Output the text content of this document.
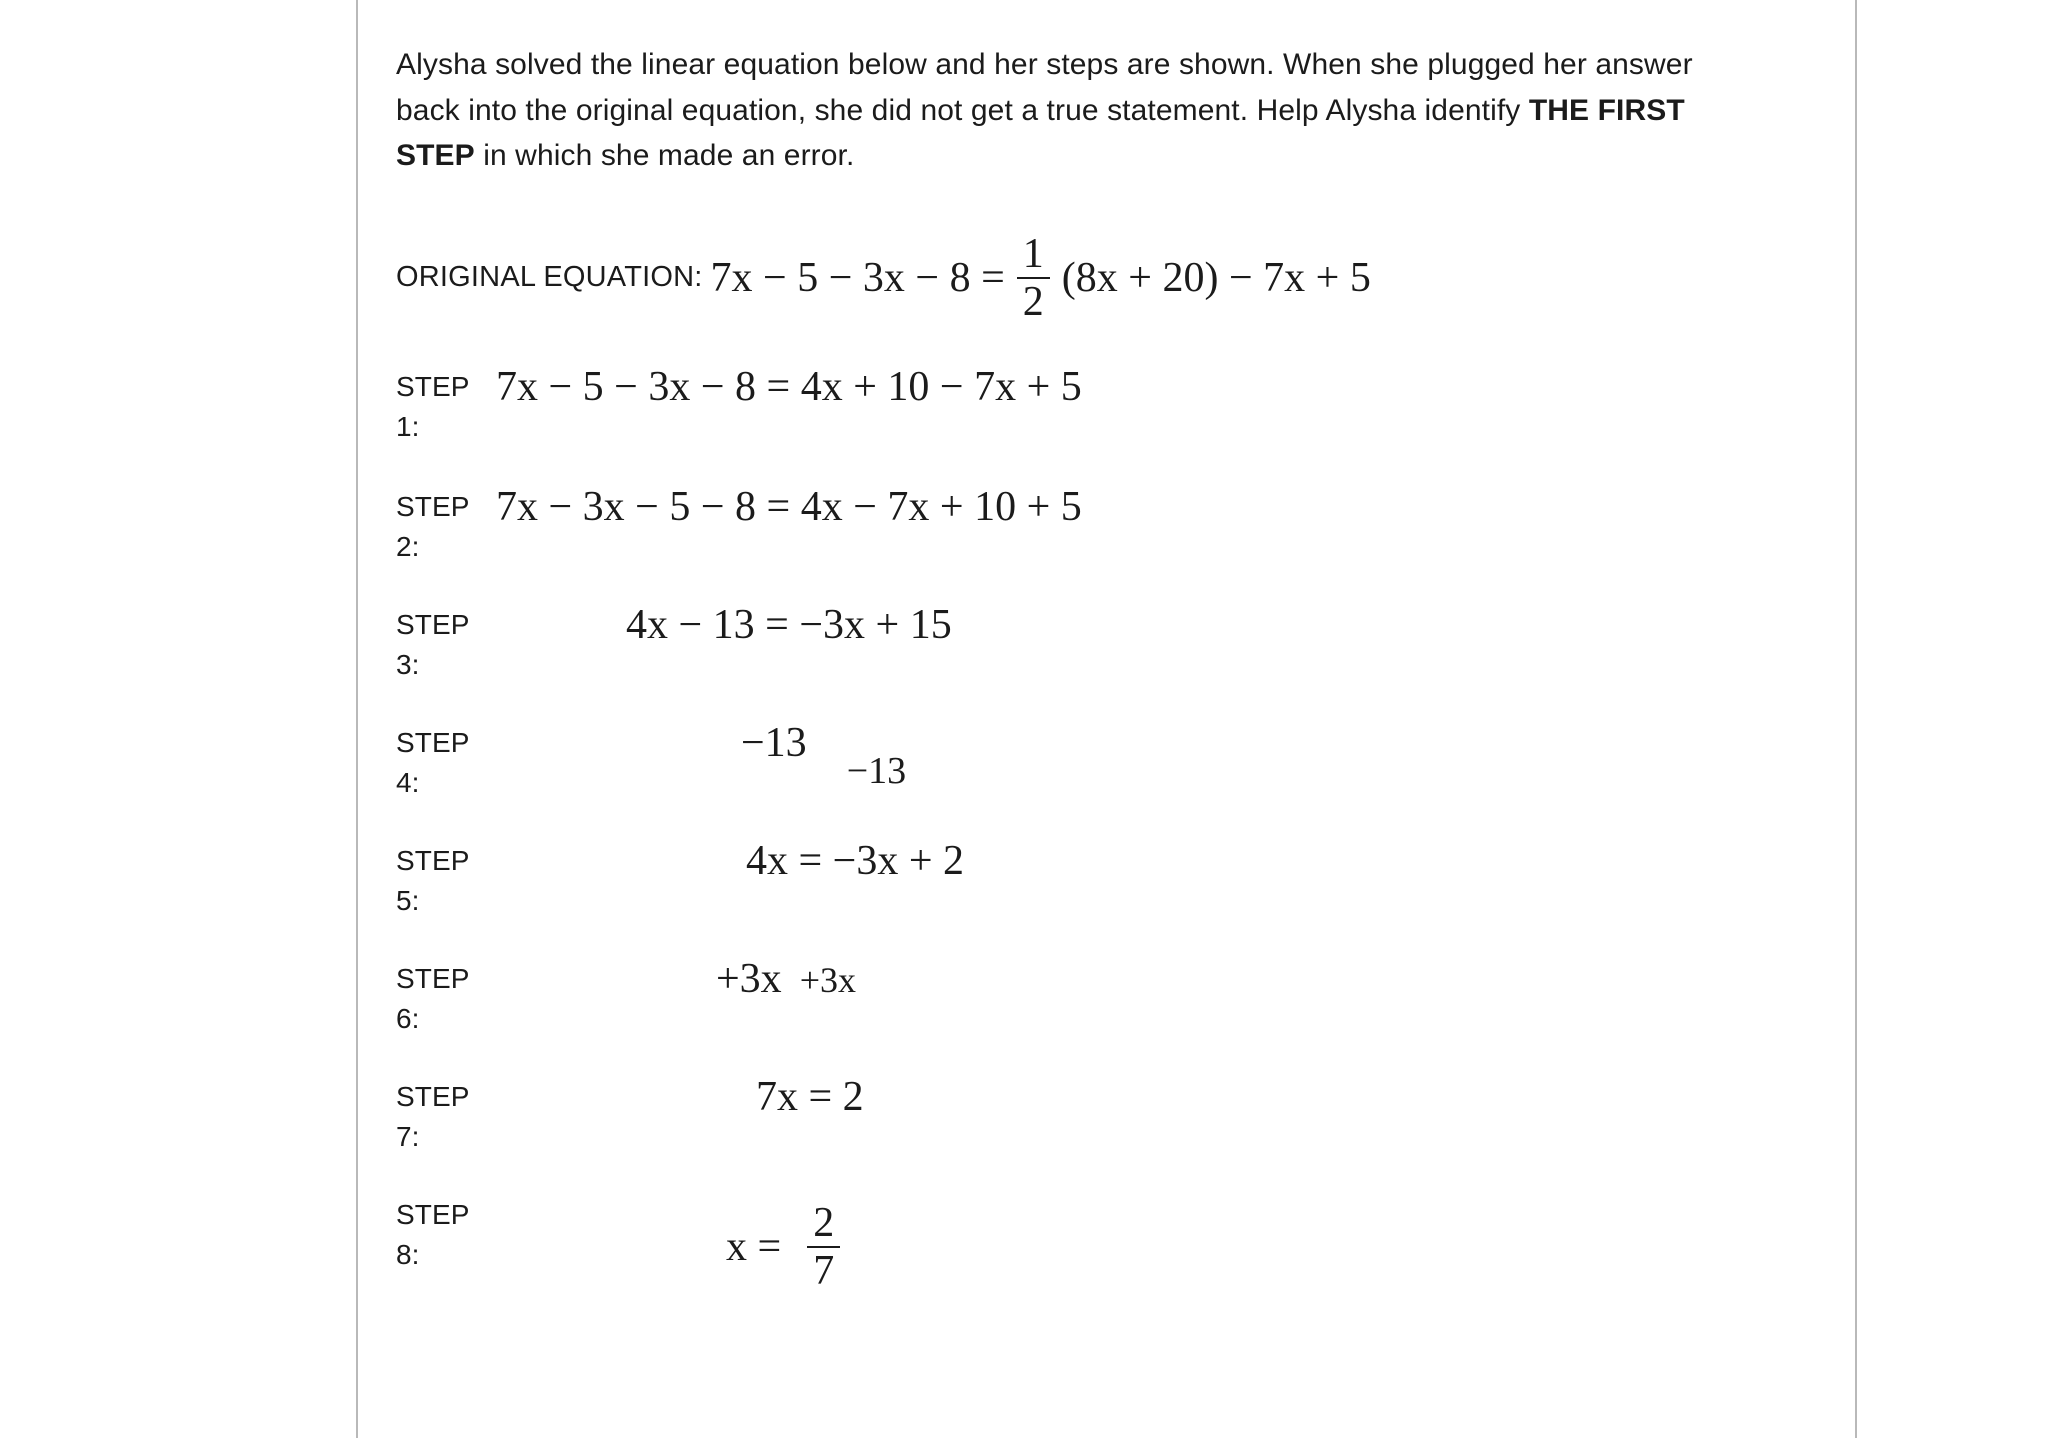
Alysha solved the linear equation below and her steps are shown. When she plugged her answer back into the original equation, she did not get a true statement. Help Alysha identify THE FIRST STEP in which she made an error.

ORIGINAL EQUATION: $7x - 5 - 3x - 8 = \frac{1}{2} (8x + 20) - 7x + 5$
STEP 1:
7x − 5 − 3x − 8 = 4x + 10 − 7x + 5
STEP 2:
7x − 3x − 5 − 8 = 4x − 7x + 10 + 5
STEP 3:
4x − 13 = −3x + 15
STEP 4:
−13
−13
STEP 5:
4x = −3x + 2
STEP 6:
+3x +3x
STEP 7:
7x = 2
STEP 8:	$x = \frac{2}{7}$
